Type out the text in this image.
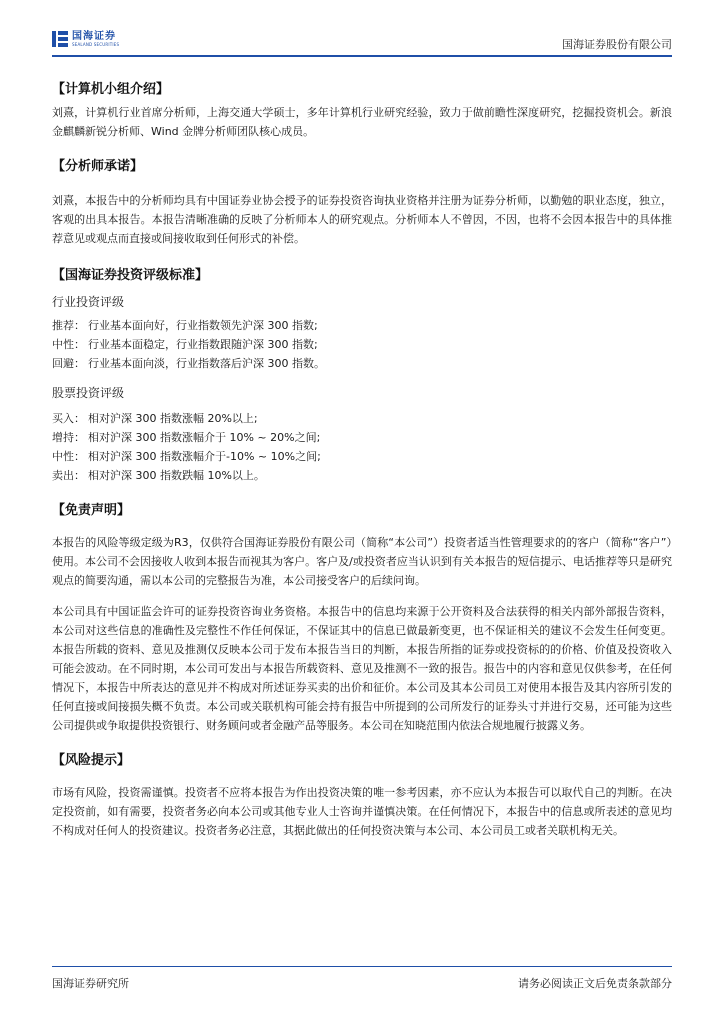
国海证券
SEALAND SECURITIES	国海证券股份有限公司

【计算机小组介绍】

刘熹，计算机行业首席分析师，上海交通大学硕士，多年计算机行业研究经验，致力于做前瞻性深度研究，挖掘投资机会。新浪金麒麟新锐分析师、Wind 金牌分析师团队核心成员。

【分析师承诺】

刘熹，本报告中的分析师均具有中国证券业协会授予的证券投资咨询执业资格并注册为证券分析师，以勤勉的职业态度，独立，客观的出具本报告。本报告清晰准确的反映了分析师本人的研究观点。分析师本人不曾因，不因，也将不会因本报告中的具体推荐意见或观点而直接或间接收取到任何形式的补偿。

【国海证券投资评级标准】

行业投资评级

推荐： 行业基本面向好，行业指数领先沪深 300 指数;
中性： 行业基本面稳定，行业指数跟随沪深 300 指数;
回避： 行业基本面向淡，行业指数落后沪深 300 指数。

股票投资评级

买入： 相对沪深 300 指数涨幅 20%以上;
增持： 相对沪深 300 指数涨幅介于 10% ~ 20%之间;
中性： 相对沪深 300 指数涨幅介于-10% ~ 10%之间;
卖出： 相对沪深 300 指数跌幅 10%以上。

【免责声明】

本报告的风险等级定级为R3，仅供符合国海证券股份有限公司（简称“本公司”）投资者适当性管理要求的的客户（简称“客户”）使用。本公司不会因接收人收到本报告而视其为客户。客户及/或投资者应当认识到有关本报告的短信提示、电话推荐等只是研究观点的简要沟通，需以本公司的完整报告为准，本公司接受客户的后续问询。

本公司具有中国证监会许可的证券投资咨询业务资格。本报告中的信息均来源于公开资料及合法获得的相关内部外部报告资料，本公司对这些信息的准确性及完整性不作任何保证，不保证其中的信息已做最新变更，也不保证相关的建议不会发生任何变更。本报告所载的资料、意见及推测仅反映本公司于发布本报告当日的判断，本报告所指的证券或投资标的的价格、价值及投资收入可能会波动。在不同时期，本公司可发出与本报告所载资料、意见及推测不一致的报告。报告中的内容和意见仅供参考，在任何情况下，本报告中所表达的意见并不构成对所述证券买卖的出价和征价。本公司及其本公司员工对使用本报告及其内容所引发的任何直接或间接损失概不负责。本公司或关联机构可能会持有报告中所提到的公司所发行的证券头寸并进行交易，还可能为这些公司提供或争取提供投资银行、财务顾问或者金融产品等服务。本公司在知晓范围内依法合规地履行披露义务。

【风险提示】

市场有风险，投资需谨慎。投资者不应将本报告为作出投资决策的唯一参考因素，亦不应认为本报告可以取代自己的判断。在决定投资前，如有需要，投资者务必向本公司或其他专业人士咨询并谨慎决策。在任何情况下，本报告中的信息或所表述的意见均不构成对任何人的投资建议。投资者务必注意，其据此做出的任何投资决策与本公司、本公司员工或者关联机构无关。

国海证券研究所	请务必阅读正文后免责条款部分
